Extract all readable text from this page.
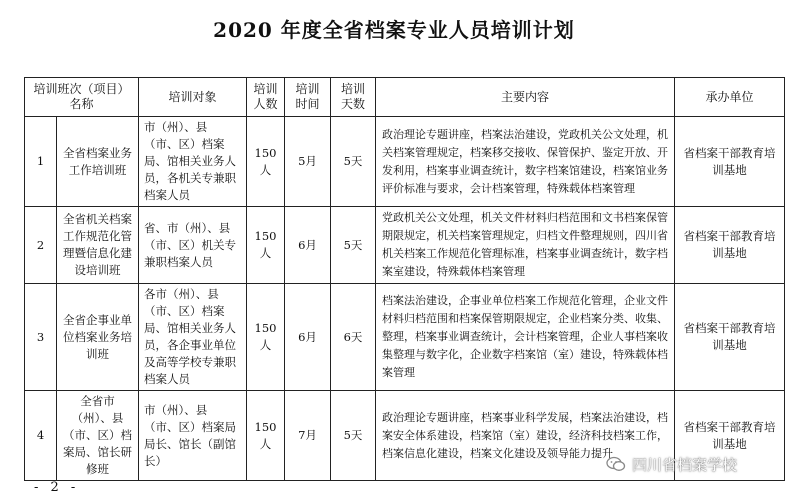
2020 年度全省档案专业人员培训计划
培训班次（项目）名称		培训对象	培训人数	培训时间	培训天数	主要内容	承办单位
1	全省档案业务工作培训班	市（州）、县（市、区）档案局、馆相关业务人员，各机关专兼职档案人员	150人	5月	5天	政治理论专题讲座，档案法治建设，党政机关公文处理，机关档案管理规定，档案移交接收、保管保护、鉴定开放、开发利用，档案事业调查统计，数字档案馆建设，档案馆业务评价标准与要求，会计档案管理，特殊载体档案管理	省档案干部教育培训基地
2	全省机关档案工作规范化管理暨信息化建设培训班	省、市（州）、县（市、区）机关专兼职档案人员	150人	6月	5天	党政机关公文处理，机关文件材料归档范围和文书档案保管期限规定，机关档案管理规定，归档文件整理规则，四川省机关档案工作规范化管理标准，档案事业调查统计，数字档案室建设，特殊载体档案管理	省档案干部教育培训基地
3	全省企事业单位档案业务培训班	各市（州）、县（市、区）档案局、馆相关业务人员，各企事业单位及高等学校专兼职档案人员	150人	6月	6天	档案法治建设，企事业单位档案工作规范化管理，企业文件材料归档范围和档案保管期限规定，企业档案分类、收集、整理，档案事业调查统计，会计档案管理，企业人事档案收集整理与数字化，企业数字档案馆（室）建设，特殊载体档案管理	省档案干部教育培训基地
4	全省市（州）、县（市、区）档案局、馆长研修班	市（州）、县（市、区）档案局局长、馆长（副馆长）	150人	7月	5天	政治理论专题讲座，档案事业科学发展，档案法治建设，档案安全体系建设，档案馆（室）建设，经济科技档案工作，档案信息化建设，档案文化建设及领导能力提升	省档案干部教育培训基地
四川省档案学校
- 2 -
